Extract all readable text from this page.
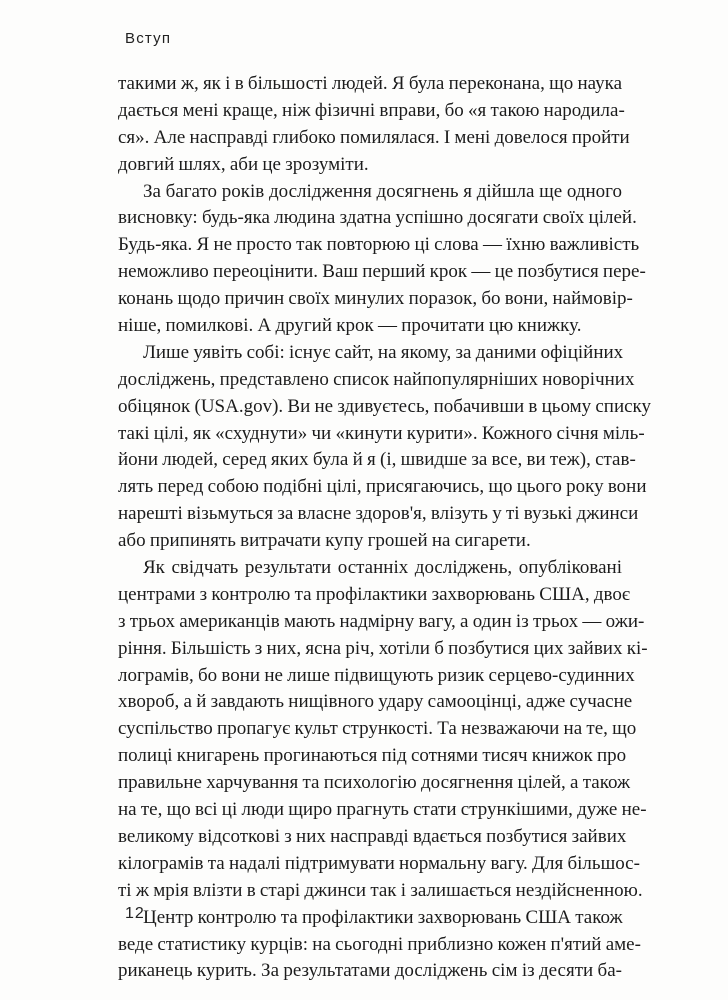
Вступ
такими ж, як і в більшості людей. Я була переконана, що наука
дається мені краще, ніж фізичні вправи, бо «я такою народила-
ся». Але насправді глибоко помилялася. І мені довелося пройти
довгий шлях, аби це зрозуміти.
За багато років дослідження досягнень я дійшла ще одного
висновку: будь-яка людина здатна успішно досягати своїх цілей.
Будь-яка. Я не просто так повторюю ці слова — їхню важливість
неможливо переоцінити. Ваш перший крок — це позбутися пере-
конань щодо причин своїх минулих поразок, бо вони, наймовір-
ніше, помилкові. А другий крок — прочитати цю книжку.
Лише уявіть собі: існує сайт, на якому, за даними офіційних
досліджень, представлено список найпопулярніших новорічних
обіцянок (USA.gov). Ви не здивуєтесь, побачивши в цьому списку
такі цілі, як «схуднути» чи «кинути курити». Кожного січня міль-
йони людей, серед яких була й я (і, швидше за все, ви теж), став-
лять перед собою подібні цілі, присягаючись, що цього року вони
нарешті візьмуться за власне здоров'я, влізуть у ті вузькі джинси
або припинять витрачати купу грошей на сигарети.
Як свідчать результати останніх досліджень, опубліковані
центрами з контролю та профілактики захворювань США, двоє
з трьох американців мають надмірну вагу, а один із трьох — ожи-
ріння. Більшість з них, ясна річ, хотіли б позбутися цих зайвих кі-
лограмів, бо вони не лише підвищують ризик серцево-судинних
хвороб, а й завдають нищівного удару самооцінці, адже сучасне
суспільство пропагує культ стрункості. Та незважаючи на те, що
полиці книгарень прогинаються під сотнями тисяч книжок про
правильне харчування та психологію досягнення цілей, а також
на те, що всі ці люди щиро прагнуть стати стрункішими, дуже не-
великому відсоткові з них насправді вдається позбутися зайвих
кілограмів та надалі підтримувати нормальну вагу. Для більшос-
ті ж мрія влізти в старі джинси так і залишається нездійсненною.
Центр контролю та профілактики захворювань США також
веде статистику курців: на сьогодні приблизно кожен п'ятий аме-
риканець курить. За результатами досліджень сім із десяти ба-
12
